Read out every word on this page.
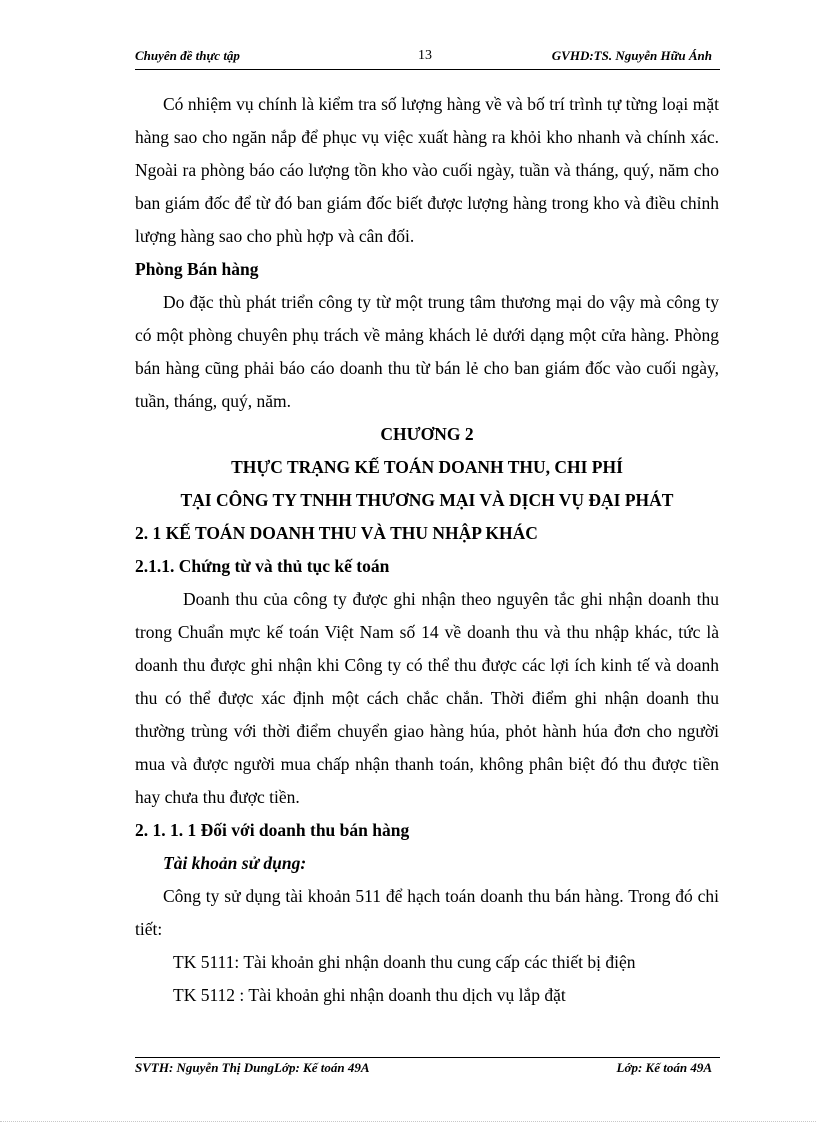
Chuyên đề thực tập	13	GVHD:TS. Nguyễn Hữu Ánh

Có nhiệm vụ chính là kiểm tra số lượng hàng về và bố trí trình tự từng loại mặt hàng sao cho ngăn nắp để phục vụ việc xuất hàng ra khỏi kho nhanh và chính xác. Ngoài ra phòng báo cáo lượng tồn kho vào cuối ngày, tuần và tháng, quý, năm cho ban giám đốc để từ đó ban giám đốc biết được lượng hàng trong kho và điều chỉnh lượng hàng sao cho phù hợp và cân đối.

Phòng Bán hàng

Do đặc thù phát triển công ty từ một trung tâm thương mại do vậy mà công ty có một phòng chuyên phụ trách về mảng khách lẻ dưới dạng một cửa hàng. Phòng bán hàng cũng phải báo cáo doanh thu từ bán lẻ cho ban giám đốc vào cuối ngày, tuần, tháng, quý, năm.

CHƯƠNG 2

THỰC TRẠNG KẾ TOÁN DOANH THU, CHI PHÍ

TẠI CÔNG TY TNHH THƯƠNG MẠI VÀ DỊCH VỤ ĐẠI PHÁT

2. 1 KẾ TOÁN DOANH THU VÀ THU NHẬP KHÁC

2.1.1. Chứng từ và thủ tục kế toán

Doanh thu của công ty được ghi nhận theo nguyên tắc ghi nhận doanh thu trong Chuẩn mực kế toán Việt Nam số 14 về doanh thu và thu nhập khác, tức là doanh thu được ghi nhận khi Công ty có thể thu được các lợi ích kinh tế và doanh thu có thể được xác định một cách chắc chắn. Thời điểm ghi nhận doanh thu thường trùng với thời điểm chuyển giao hàng húa, phỏt hành húa đơn cho người mua và được người mua chấp nhận thanh toán, không phân biệt đó thu được tiền hay chưa thu được tiền.

2. 1. 1. 1 Đối với doanh thu bán hàng

Tài khoản sử dụng:

Công ty sử dụng tài khoản 511 để hạch toán doanh thu bán hàng. Trong đó chi tiết:

TK 5111: Tài khoản ghi nhận doanh thu cung cấp các thiết bị điện

TK 5112 : Tài khoản ghi nhận doanh thu dịch vụ lắp đặt

SVTH: Nguyễn Thị DungLớp: Kế toán 49A	Lớp: Kế toán 49A
